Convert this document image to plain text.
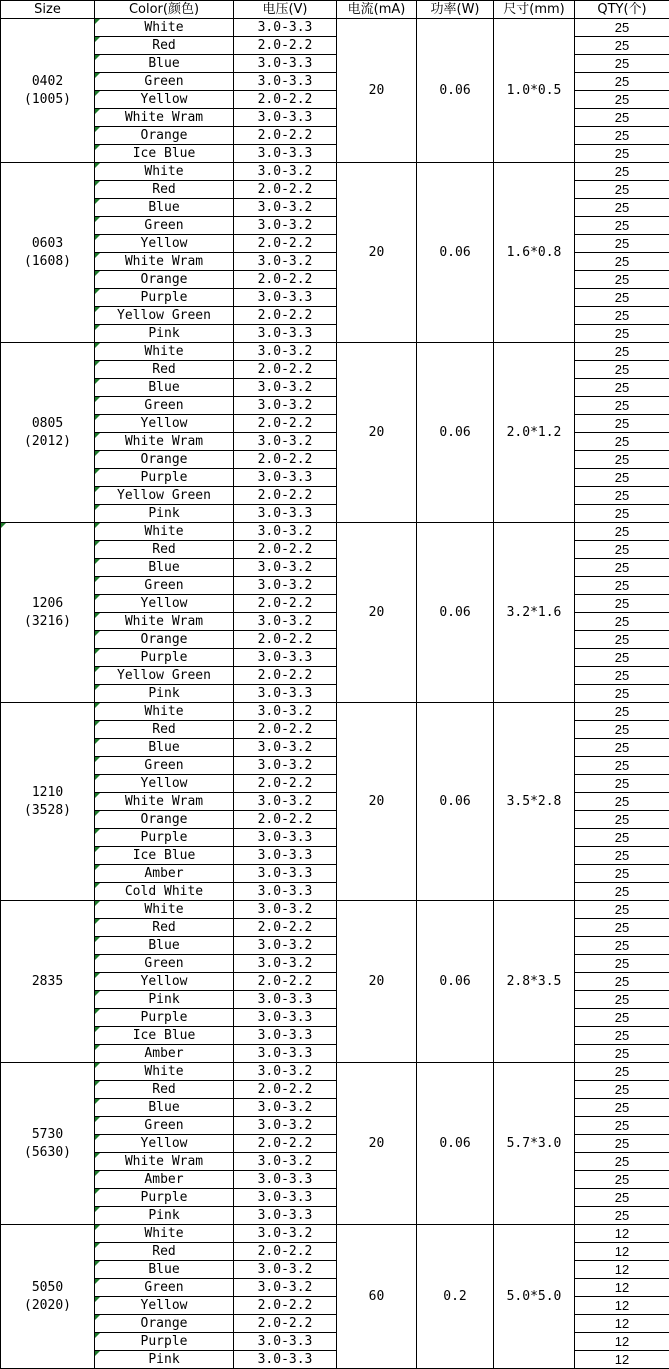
Size	Color(颜色)	电压(V)	电流(mA)	功率(W)	尺寸(mm)	QTY(个)

0402
(1005)	White	3.0-3.3	20	0.06	1.0*0.5	25
	Red	2.0-2.2				25
	Blue	3.0-3.3				25
	Green	3.0-3.3				25
	Yellow	2.0-2.2				25
	White Wram	3.0-3.3				25
	Orange	2.0-2.2				25
	Ice Blue	3.0-3.3				25

0603
(1608)	White	3.0-3.2	20	0.06	1.6*0.8	25
	Red	2.0-2.2				25
	Blue	3.0-3.2				25
	Green	3.0-3.2				25
	Yellow	2.0-2.2				25
	White Wram	3.0-3.2				25
	Orange	2.0-2.2				25
	Purple	3.0-3.3				25
	Yellow Green	2.0-2.2				25
	Pink	3.0-3.3				25

0805
(2012)	White	3.0-3.2	20	0.06	2.0*1.2	25
	Red	2.0-2.2				25
	Blue	3.0-3.2				25
	Green	3.0-3.2				25
	Yellow	2.0-2.2				25
	White Wram	3.0-3.2				25
	Orange	2.0-2.2				25
	Purple	3.0-3.3				25
	Yellow Green	2.0-2.2				25
	Pink	3.0-3.3				25

1206
(3216)	White	3.0-3.2	20	0.06	3.2*1.6	25
	Red	2.0-2.2				25
	Blue	3.0-3.2				25
	Green	3.0-3.2				25
	Yellow	2.0-2.2				25
	White Wram	3.0-3.2				25
	Orange	2.0-2.2				25
	Purple	3.0-3.3				25
	Yellow Green	2.0-2.2				25
	Pink	3.0-3.3				25

1210
(3528)	White	3.0-3.2	20	0.06	3.5*2.8	25
	Red	2.0-2.2				25
	Blue	3.0-3.2				25
	Green	3.0-3.2				25
	Yellow	2.0-2.2				25
	White Wram	3.0-3.2				25
	Orange	2.0-2.2				25
	Purple	3.0-3.3				25
	Ice Blue	3.0-3.3				25
	Amber	3.0-3.3				25
	Cold White	3.0-3.3				25

2835	White	3.0-3.2	20	0.06	2.8*3.5	25
	Red	2.0-2.2				25
	Blue	3.0-3.2				25
	Green	3.0-3.2				25
	Yellow	2.0-2.2				25
	Pink	3.0-3.3				25
	Purple	3.0-3.3				25
	Ice Blue	3.0-3.3				25
	Amber	3.0-3.3				25

5730
(5630)	White	3.0-3.2	20	0.06	5.7*3.0	25
	Red	2.0-2.2				25
	Blue	3.0-3.2				25
	Green	3.0-3.2				25
	Yellow	2.0-2.2				25
	White Wram	3.0-3.2				25
	Amber	3.0-3.3				25
	Purple	3.0-3.3				25
	Pink	3.0-3.3				25

5050
(2020)	White	3.0-3.2	60	0.2	5.0*5.0	12
	Red	2.0-2.2				12
	Blue	3.0-3.2				12
	Green	3.0-3.2				12
	Yellow	2.0-2.2				12
	Orange	2.0-2.2				12
	Purple	3.0-3.3				12
	Pink	3.0-3.3				12
